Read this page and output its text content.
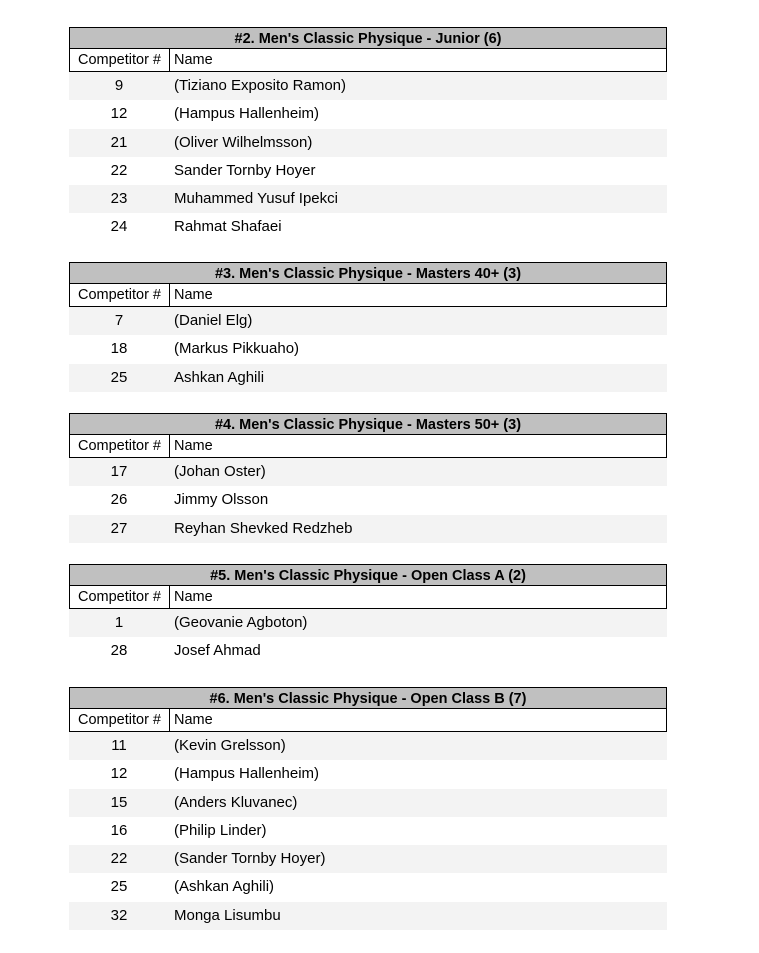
#2. Men's Classic Physique - Junior (6)
Competitor # Name
9	(Tiziano Exposito Ramon)
12	(Hampus Hallenheim)
21	(Oliver Wilhelmsson)
22	Sander Tornby Hoyer
23	Muhammed Yusuf Ipekci
24	Rahmat Shafaei
#3. Men's Classic Physique - Masters 40+ (3)
Competitor # Name
7	(Daniel Elg)
18	(Markus Pikkuaho)
25	Ashkan Aghili
#4. Men's Classic Physique - Masters 50+ (3)
Competitor # Name
17	(Johan Oster)
26	Jimmy Olsson
27	Reyhan Shevked Redzheb
#5. Men's Classic Physique - Open Class A (2)
Competitor # Name
1	(Geovanie Agboton)
28	Josef Ahmad
#6. Men's Classic Physique - Open Class B (7)
Competitor # Name
11	(Kevin Grelsson)
12	(Hampus Hallenheim)
15	(Anders Kluvanec)
16	(Philip Linder)
22	(Sander Tornby Hoyer)
25	(Ashkan Aghili)
32	Monga Lisumbu
